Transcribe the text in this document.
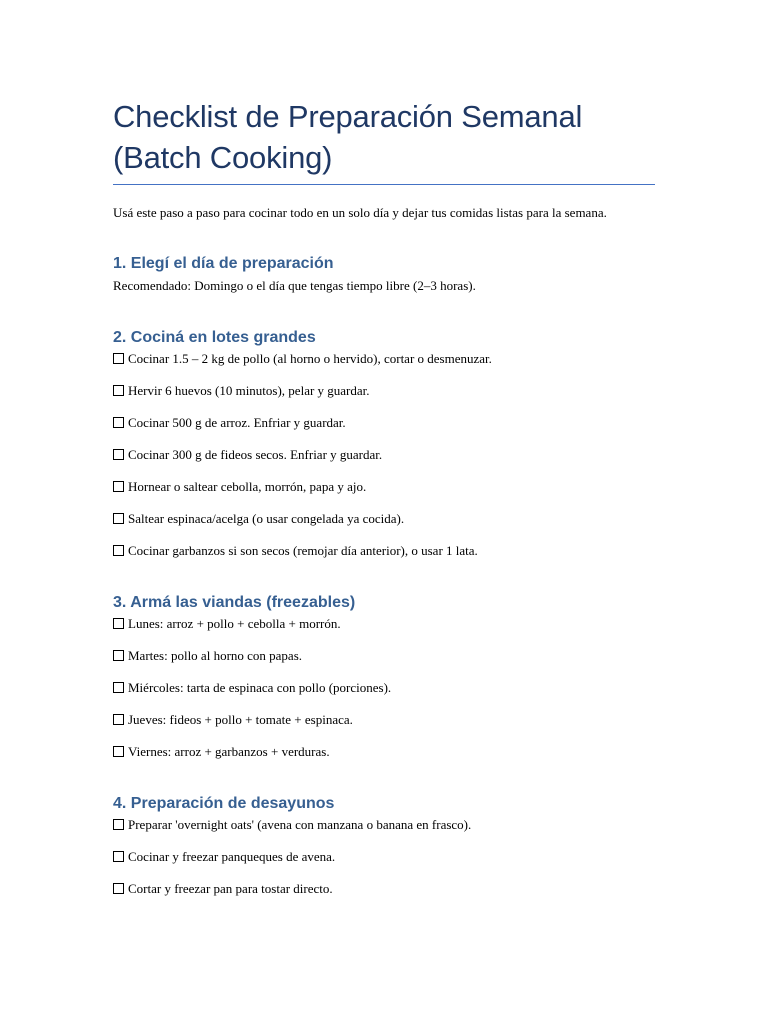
Checklist de Preparación Semanal
(Batch Cooking)

Usá este paso a paso para cocinar todo en un solo día y dejar tus comidas listas para la semana.

1. Elegí el día de preparación

Recomendado: Domingo o el día que tengas tiempo libre (2–3 horas).

2. Cociná en lotes grandes
Cocinar 1.5 – 2 kg de pollo (al horno o hervido), cortar o desmenuzar.
Hervir 6 huevos (10 minutos), pelar y guardar.
Cocinar 500 g de arroz. Enfriar y guardar.
Cocinar 300 g de fideos secos. Enfriar y guardar.
Hornear o saltear cebolla, morrón, papa y ajo.
Saltear espinaca/acelga (o usar congelada ya cocida).
Cocinar garbanzos si son secos (remojar día anterior), o usar 1 lata.
3. Armá las viandas (freezables)
Lunes: arroz + pollo + cebolla + morrón.
Martes: pollo al horno con papas.
Miércoles: tarta de espinaca con pollo (porciones).
Jueves: fideos + pollo + tomate + espinaca.
Viernes: arroz + garbanzos + verduras.
4. Preparación de desayunos
Preparar 'overnight oats' (avena con manzana o banana en frasco).
Cocinar y freezar panqueques de avena.
Cortar y freezar pan para tostar directo.
